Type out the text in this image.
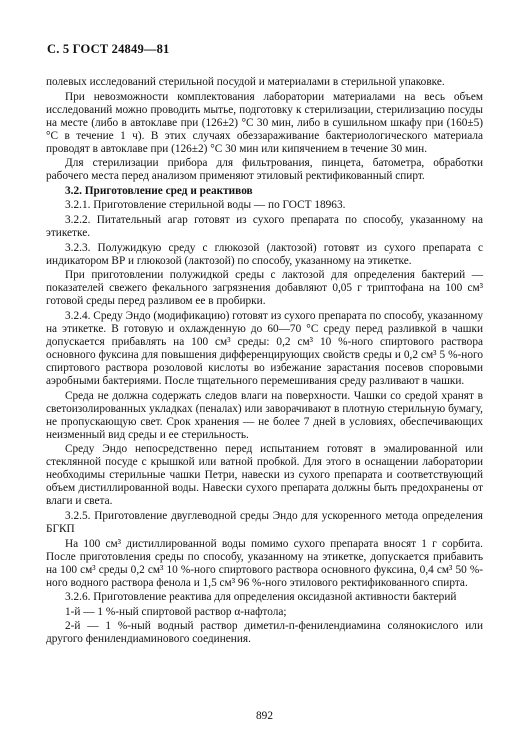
С. 5 ГОСТ 24849—81

полевых исследований стерильной посудой и материалами в стерильной упаковке.

При невозможности комплектования лаборатории материалами на весь объем исследований можно проводить мытье, подготовку к стерилизации, стерилизацию посуды на месте (либо в автоклаве при (126±2) °С 30 мин, либо в сушильном шкафу при (160±5) °С в течение 1 ч). В этих случаях обеззараживание бактериологического материала проводят в автоклаве при (126±2) °С 30 мин или кипячением в течение 30 мин.

Для стерилизации прибора для фильтрования, пинцета, батометра, обработки рабочего места перед анализом применяют этиловый ректификованный спирт.

3.2. Приготовление сред и реактивов

3.2.1. Приготовление стерильной воды — по ГОСТ 18963.

3.2.2. Питательный агар готовят из сухого препарата по способу, указанному на этикетке.

3.2.3. Полужидкую среду с глюкозой (лактозой) готовят из сухого препарата с индикатором ВР и глюкозой (лактозой) по способу, указанному на этикетке.

При приготовлении полужидкой среды с лактозой для определения бактерий — показателей свежего фекального загрязнения добавляют 0,05 г триптофана на 100 см³ готовой среды перед разливом ее в пробирки.

3.2.4. Среду Эндо (модификацию) готовят из сухого препарата по способу, указанному на этикетке. В готовую и охлажденную до 60—70 °С среду перед разливкой в чашки допускается прибавлять на 100 см³ среды: 0,2 см³ 10 %-ного спиртового раствора основного фуксина для повышения дифференцирующих свойств среды и 0,2 см³ 5 %-ного спиртового раствора розоловой кислоты во избежание зарастания посевов споровыми аэробными бактериями. После тщательного перемешивания среду разливают в чашки.

Среда не должна содержать следов влаги на поверхности. Чашки со средой хранят в светоизолированных укладках (пеналах) или заворачивают в плотную стерильную бумагу, не пропускающую свет. Срок хранения — не более 7 дней в условиях, обеспечивающих неизменный вид среды и ее стерильность.

Среду Эндо непосредственно перед испытанием готовят в эмалированной или стеклянной посуде с крышкой или ватной пробкой. Для этого в оснащении лаборатории необходимы стерильные чашки Петри, навески из сухого препарата и соответствующий объем дистиллированной воды. Навески сухого препарата должны быть предохранены от влаги и света.

3.2.5. Приготовление двуглеводной среды Эндо для ускоренного метода определения БГКП

На 100 см³ дистиллированной воды помимо сухого препарата вносят 1 г сорбита. После приготовления среды по способу, указанному на этикетке, допускается прибавить на 100 см³ среды 0,2 см³ 10 %-ного спиртового раствора основного фуксина, 0,4 см³ 50 %-ного водного раствора фенола и 1,5 см³ 96 %-ного этилового ректификованного спирта.

3.2.6. Приготовление реактива для определения оксидазной активности бактерий

1-й — 1 %-ный спиртовой раствор α-нафтола;

2-й — 1 %-ный водный раствор диметил-п-фенилендиамина солянокислого или другого фенилендиаминового соединения.

892
